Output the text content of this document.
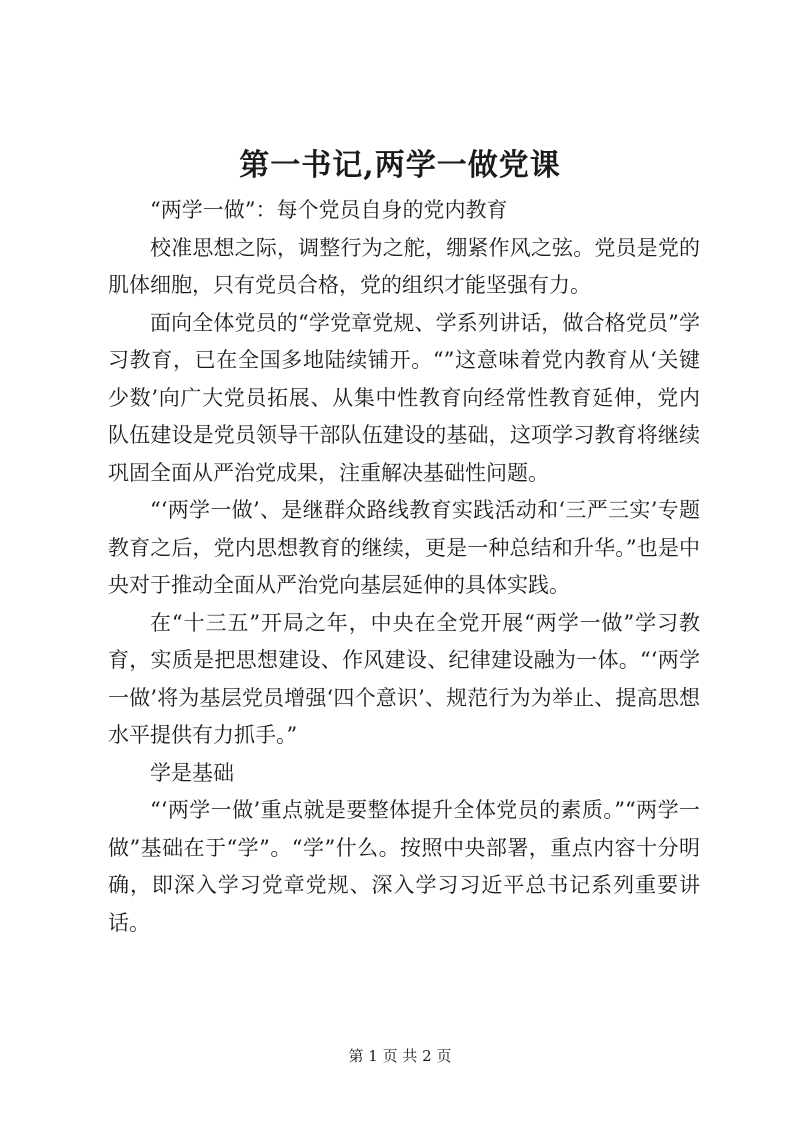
第一书记,两学一做党课

“两学一做”：每个党员自身的党内教育

校准思想之际，调整行为之舵，绷紧作风之弦。党员是党的肌体细胞，只有党员合格，党的组织才能坚强有力。

面向全体党员的“学党章党规、学系列讲话，做合格党员”学习教育，已在全国多地陆续铺开。“”这意味着党内教育从‘关键少数’向广大党员拓展、从集中性教育向经常性教育延伸，党内队伍建设是党员领导干部队伍建设的基础，这项学习教育将继续巩固全面从严治党成果，注重解决基础性问题。

“‘两学一做’、是继群众路线教育实践活动和‘三严三实’专题教育之后，党内思想教育的继续，更是一种总结和升华。”也是中央对于推动全面从严治党向基层延伸的具体实践。

在“十三五”开局之年，中央在全党开展“两学一做”学习教育，实质是把思想建设、作风建设、纪律建设融为一体。“‘两学一做’将为基层党员增强‘四个意识’、规范行为为举止、提高思想水平提供有力抓手。”

学是基础

“‘两学一做’重点就是要整体提升全体党员的素质。”“两学一做”基础在于“学”。“学”什么。按照中央部署，重点内容十分明确，即深入学习党章党规、深入学习习近平总书记系列重要讲话。

第 1 页 共 2 页
